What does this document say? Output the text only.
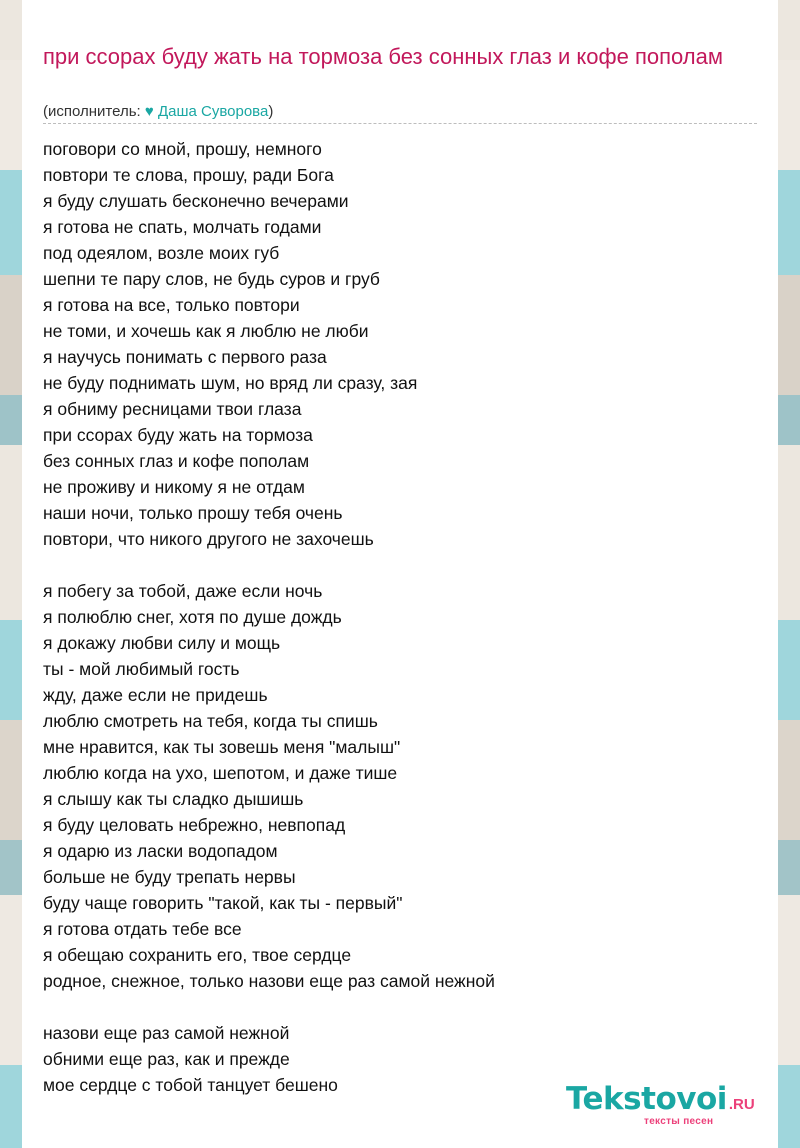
при ссорах буду жать на тормоза без сонных глаз и кофе пополам
(исполнитель: ♥ Даша Суворова)
поговори со мной, прошу, немного
повтори те слова, прошу, ради Бога
я буду слушать бесконечно вечерами
я готова не спать, молчать годами
под одеялом, возле моих губ
шепни те пару слов, не будь суров и груб
я готова на все, только повтори
не томи, и хочешь как я люблю не люби
я научусь понимать с первого раза
не буду поднимать шум, но вряд ли сразу, зая
я обниму ресницами твои глаза
при ссорах буду жать на тормоза
без сонных глаз и кофе пополам
не проживу и никому я не отдам
наши ночи, только прошу тебя очень
повтори, что никого другого не захочешь
я побегу за тобой, даже если ночь
я полюблю снег, хотя по душе дождь
я докажу любви силу и мощь
ты - мой любимый гость
жду, даже если не придешь
люблю смотреть на тебя, когда ты спишь
мне нравится, как ты зовешь меня "малыш"
люблю когда на ухо, шепотом, и даже тише
я слышу как ты сладко дышишь
я буду целовать небрежно, невпопад
я одарю из ласки водопадом
больше не буду трепать нервы
буду чаще говорить "такой, как ты - первый"
я готова отдать тебе все
я обещаю сохранить его, твое сердце
родное, снежное, только назови еще раз самой нежной
назови еще раз самой нежной
обними еще раз, как и прежде
мое сердце с тобой танцует бешено	Tekstovoi .RU
тексты песен
